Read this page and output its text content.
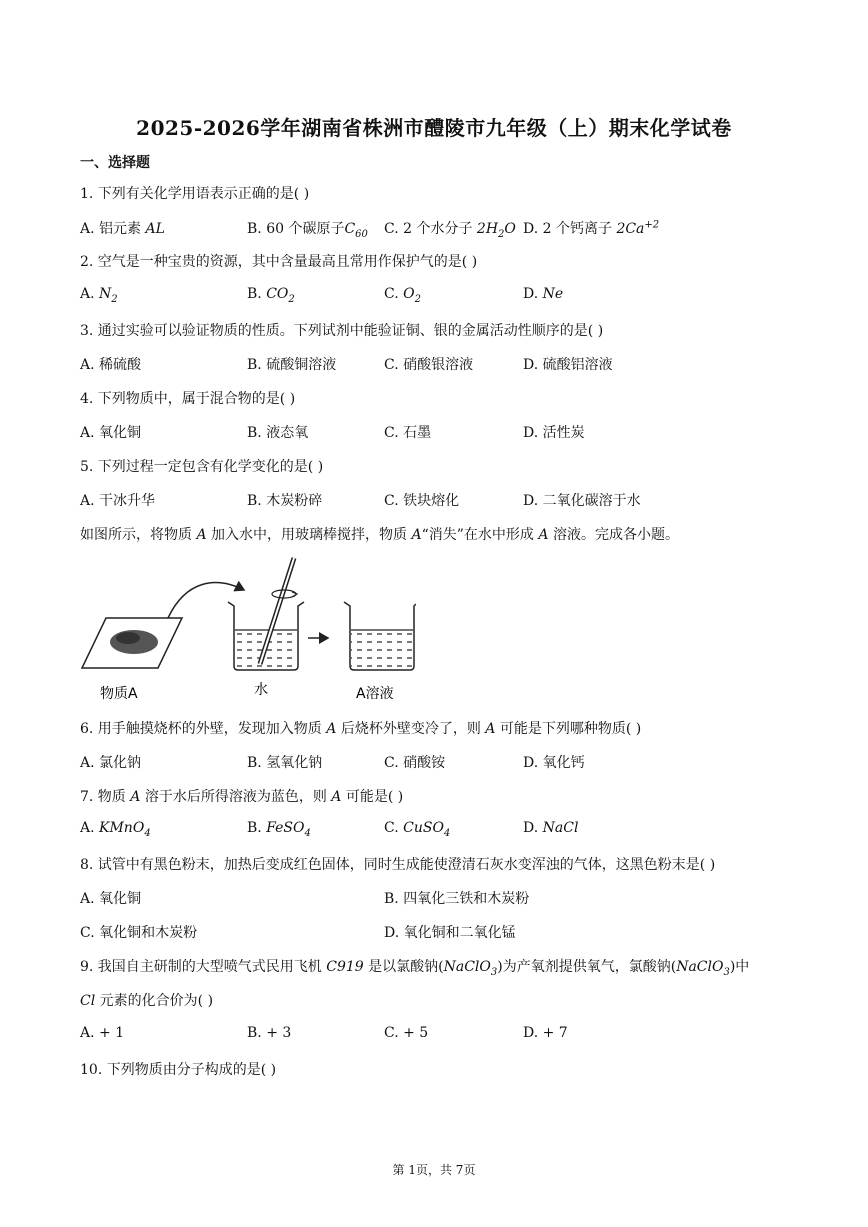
2025-2026学年湖南省株洲市醴陵市九年级（上）期末化学试卷
一、选择题
1. 下列有关化学用语表示正确的是( )
A. 铝元素 AL	B. 60 个碳原子$C_{60}$ C. 2 个水分子 $2H_2O$ D. 2 个钙离子 $2Ca^{+2}$
2. 空气是一种宝贵的资源，其中含量最高且常用作保护气的是( )
A. $N_2$	B. $CO_2$	C. $O_2$	D. Ne
3. 通过实验可以验证物质的性质。下列试剂中能验证铜、银的金属活动性顺序的是( )
A. 稀硫酸	B. 硫酸铜溶液	C. 硝酸银溶液	D. 硫酸铝溶液
4. 下列物质中，属于混合物的是( )
A. 氧化铜	B. 液态氧	C. 石墨	D. 活性炭
5. 下列过程一定包含有化学变化的是( )
A. 干冰升华	B. 木炭粉碎	C. 铁块熔化	D. 二氧化碳溶于水
如图所示，将物质 A 加入水中，用玻璃棒搅拌，物质 A“消失”在水中形成 A 溶液。完成各小题。
物质A	水	A溶液
6. 用手触摸烧杯的外壁，发现加入物质 A 后烧杯外壁变冷了，则 A 可能是下列哪种物质( )
A. 氯化钠	B. 氢氧化钠	C. 硝酸铵	D. 氧化钙
7. 物质 A 溶于水后所得溶液为蓝色，则 A 可能是( )
A. KMnO$_4$	B. FeSO$_4$	C. CuSO$_4$	D. NaCl
8. 试管中有黑色粉末，加热后变成红色固体，同时生成能使澄清石灰水变浑浊的气体，这黑色粉末是( )
A. 氧化铜	B. 四氧化三铁和木炭粉
C. 氧化铜和木炭粉	D. 氧化铜和二氧化锰
9. 我国自主研制的大型喷气式民用飞机 C919 是以氯酸钠(NaClO$_3$)为产氧剂提供氧气，氯酸钠(NaClO$_3$)中
Cl 元素的化合价为( )
A. + 1	B. + 3	C. + 5	D. + 7
10. 下列物质由分子构成的是( )
第 1页，共 7页
